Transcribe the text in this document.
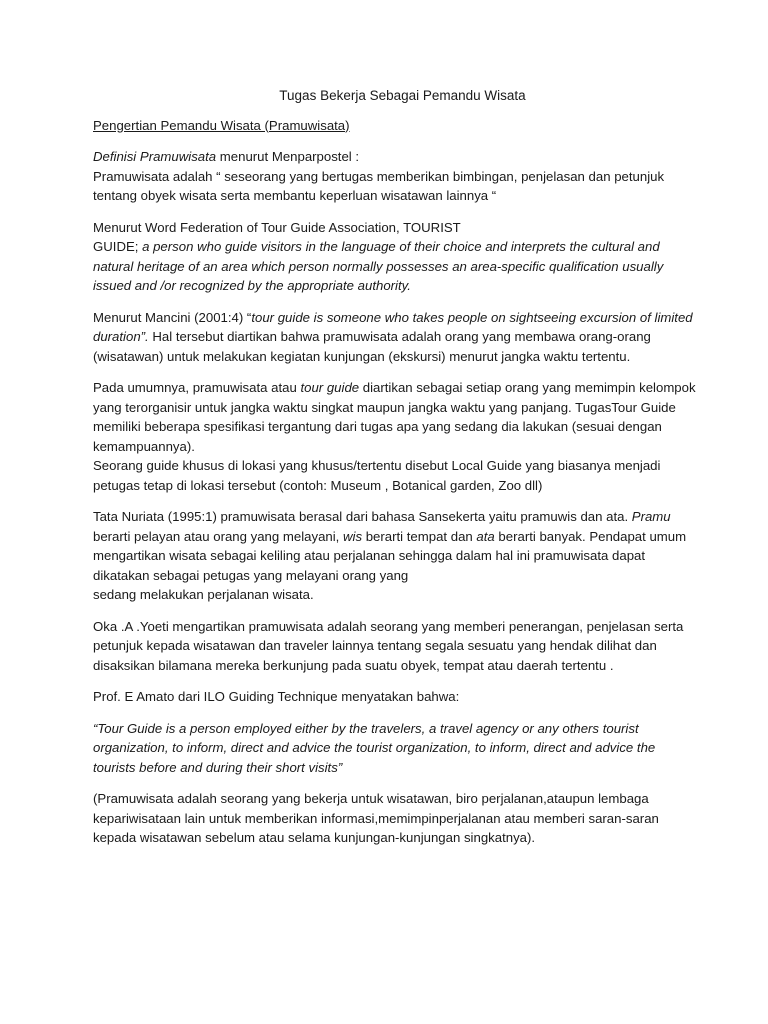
Tugas Bekerja Sebagai Pemandu Wisata
Pengertian Pemandu Wisata (Pramuwisata)
Definisi Pramuwisata menurut Menparpostel :
Pramuwisata adalah “ seseorang yang bertugas memberikan bimbingan, penjelasan dan petunjuk tentang obyek wisata serta membantu keperluan wisatawan lainnya “
Menurut Word Federation of Tour Guide Association, TOURIST
GUIDE; a person who guide visitors in the language of their choice and interprets the cultural and natural heritage of an area which person normally possesses an area-specific qualification usually issued and /or recognized by the appropriate authority.
Menurut Mancini (2001:4) “tour guide is someone who takes people on sightseeing excursion of limited duration”. Hal tersebut diartikan bahwa pramuwisata adalah orang yang membawa orang-orang (wisatawan) untuk melakukan kegiatan kunjungan (ekskursi) menurut jangka waktu tertentu.
Pada umumnya, pramuwisata atau tour guide diartikan sebagai setiap orang yang memimpin kelompok yang terorganisir untuk jangka waktu singkat maupun jangka waktu yang panjang. TugasTour Guide memiliki beberapa spesifikasi tergantung dari tugas apa yang sedang dia lakukan (sesuai dengan kemampuannya).
Seorang guide khusus di lokasi yang khusus/tertentu disebut Local Guide yang biasanya menjadi petugas tetap di lokasi tersebut (contoh: Museum , Botanical garden, Zoo dll)
Tata Nuriata (1995:1) pramuwisata berasal dari bahasa Sansekerta yaitu pramuwis dan ata. Pramu berarti pelayan atau orang yang melayani, wis berarti tempat dan ata berarti banyak. Pendapat umum mengartikan wisata sebagai keliling atau perjalanan sehingga dalam hal ini pramuwisata dapat dikatakan sebagai petugas yang melayani orang yang
sedang melakukan perjalanan wisata.

Oka .A .Yoeti mengartikan pramuwisata adalah seorang yang memberi penerangan, penjelasan serta petunjuk kepada wisatawan dan traveler lainnya tentang segala sesuatu yang hendak dilihat dan disaksikan bilamana mereka berkunjung pada suatu obyek, tempat atau daerah tertentu .

Prof. E Amato dari ILO Guiding Technique menyatakan bahwa:

“Tour Guide is a person employed either by the travelers, a travel agency or any others tourist organization, to inform, direct and advice the tourist organization, to inform, direct and advice the tourists before and during their short visits”

(Pramuwisata adalah seorang yang bekerja untuk wisatawan, biro perjalanan,ataupun lembaga kepariwisataan lain untuk memberikan informasi,memimpinperjalanan atau memberi saran-saran kepada wisatawan sebelum atau selama kunjungan-kunjungan singkatnya).
